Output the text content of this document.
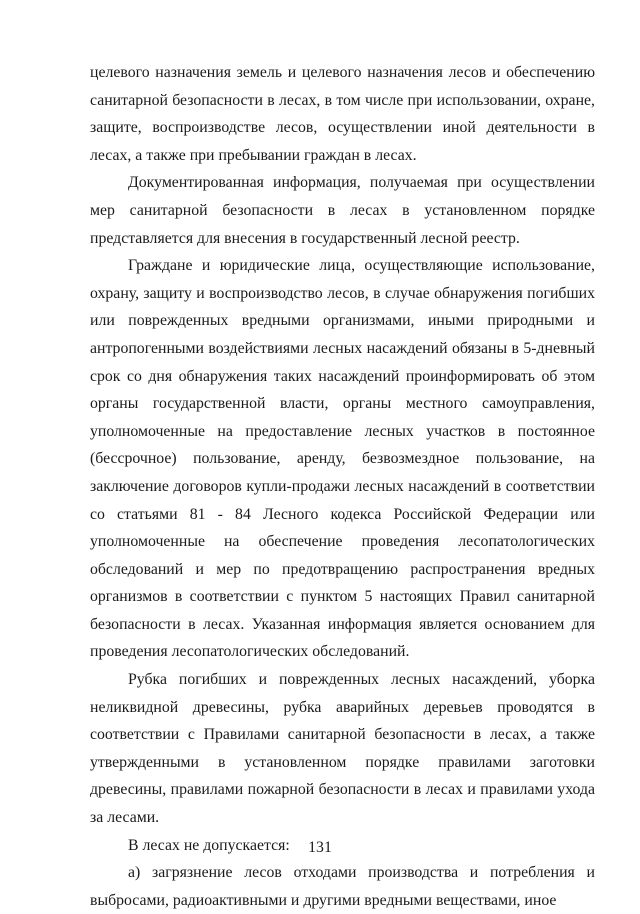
целевого назначения земель и целевого назначения лесов и обеспечению санитарной безопасности в лесах, в том числе при использовании, охране, защите, воспроизводстве лесов, осуществлении иной деятельности в лесах, а также при пребывании граждан в лесах.

Документированная информация, получаемая при осуществлении мер санитарной безопасности в лесах в установленном порядке представляется для внесения в государственный лесной реестр.

Граждане и юридические лица, осуществляющие использование, охрану, защиту и воспроизводство лесов, в случае обнаружения погибших или поврежденных вредными организмами, иными природными и антропогенными воздействиями лесных насаждений обязаны в 5-дневный срок со дня обнаружения таких насаждений проинформировать об этом органы государственной власти, органы местного самоуправления, уполномоченные на предоставление лесных участков в постоянное (бессрочное) пользование, аренду, безвозмездное пользование, на заключение договоров купли-продажи лесных насаждений в соответствии со статьями 81 - 84 Лесного кодекса Российской Федерации или уполномоченные на обеспечение проведения лесопатологических обследований и мер по предотвращению распространения вредных организмов в соответствии с пунктом 5 настоящих Правил санитарной безопасности в лесах. Указанная информация является основанием для проведения лесопатологических обследований.

Рубка погибших и поврежденных лесных насаждений, уборка неликвидной древесины, рубка аварийных деревьев проводятся в соответствии с Правилами санитарной безопасности в лесах, а также утвержденными в установленном порядке правилами заготовки древесины, правилами пожарной безопасности в лесах и правилами ухода за лесами.

В лесах не допускается:

а) загрязнение лесов отходами производства и потребления и выбросами, радиоактивными и другими вредными веществами, иное

131
